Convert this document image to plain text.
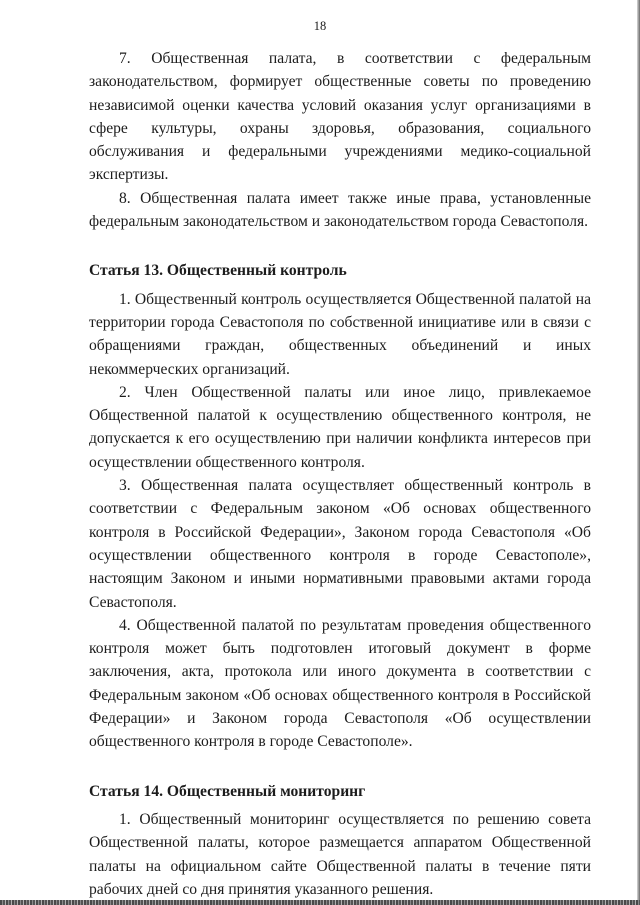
18

7. Общественная палата, в соответствии с федеральным законодательством, формирует общественные советы по проведению независимой оценки качества условий оказания услуг организациями в сфере культуры, охраны здоровья, образования, социального обслуживания и федеральными учреждениями медико-социальной экспертизы.

8. Общественная палата имеет также иные права, установленные федеральным законодательством и законодательством города Севастополя.

Статья 13. Общественный контроль

1. Общественный контроль осуществляется Общественной палатой на территории города Севастополя по собственной инициативе или в связи с обращениями граждан, общественных объединений и иных некоммерческих организаций.

2. Член Общественной палаты или иное лицо, привлекаемое Общественной палатой к осуществлению общественного контроля, не допускается к его осуществлению при наличии конфликта интересов при осуществлении общественного контроля.

3. Общественная палата осуществляет общественный контроль в соответствии с Федеральным законом «Об основах общественного контроля в Российской Федерации», Законом города Севастополя «Об осуществлении общественного контроля в городе Севастополе», настоящим Законом и иными нормативными правовыми актами города Севастополя.

4. Общественной палатой по результатам проведения общественного контроля может быть подготовлен итоговый документ в форме заключения, акта, протокола или иного документа в соответствии с Федеральным законом «Об основах общественного контроля в Российской Федерации» и Законом города Севастополя «Об осуществлении общественного контроля в городе Севастополе».

Статья 14. Общественный мониторинг

1. Общественный мониторинг осуществляется по решению совета Общественной палаты, которое размещается аппаратом Общественной палаты на официальном сайте Общественной палаты в течение пяти рабочих дней со дня принятия указанного решения.
